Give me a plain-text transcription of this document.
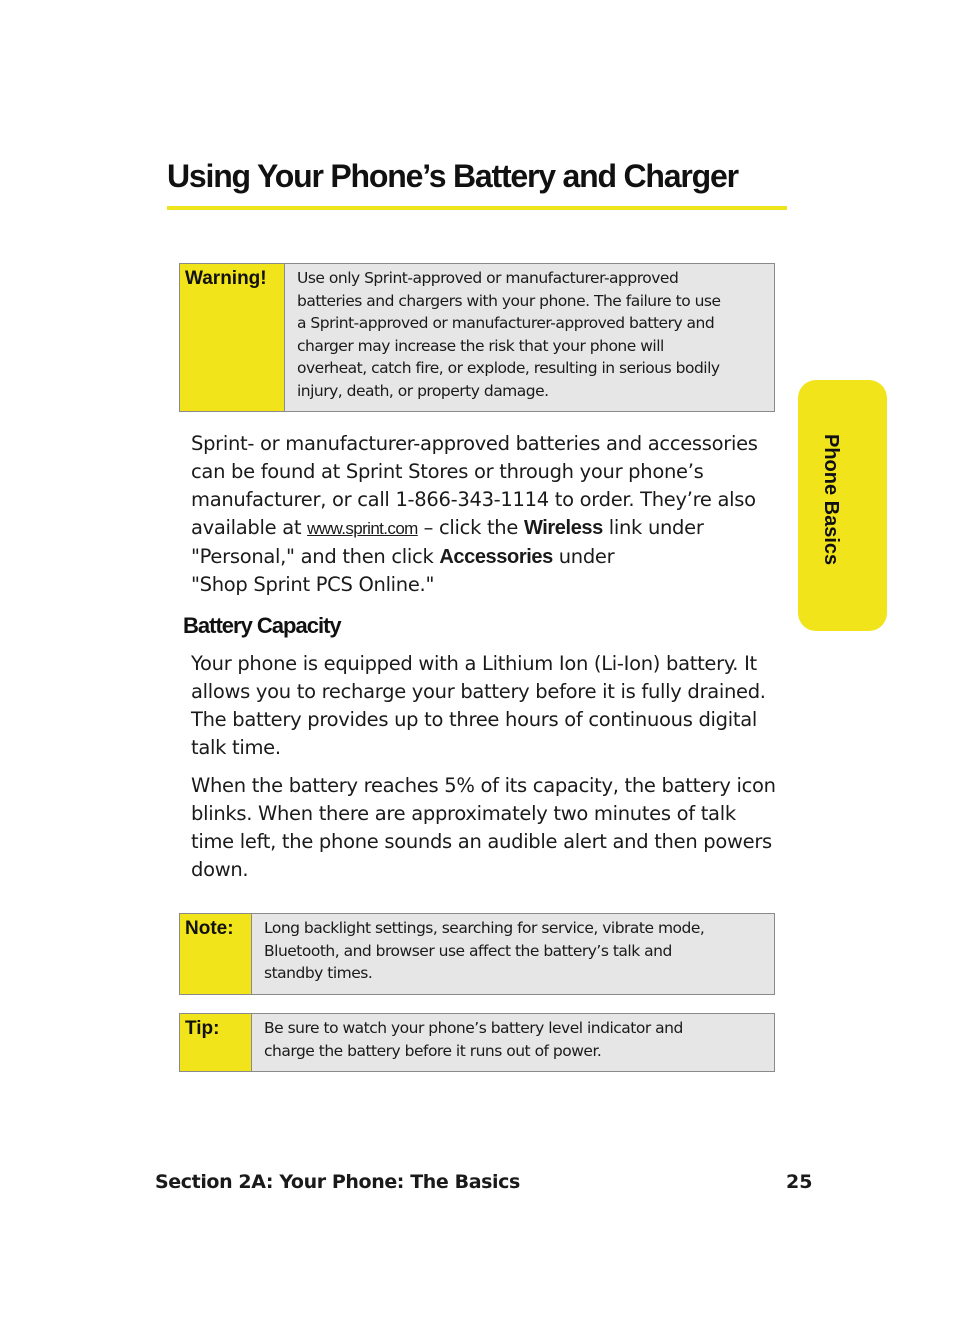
Using Your Phone’s Battery and Charger
Phone Basics
Warning!	Use only Sprint-approved or manufacturer-approved
batteries and chargers with your phone. The failure to use
a Sprint-approved or manufacturer-approved battery and
charger may increase the risk that your phone will
overheat, catch fire, or explode, resulting in serious bodily
injury, death, or property damage.
Sprint- or manufacturer-approved batteries and accessories
can be found at Sprint Stores or through your phone’s
manufacturer, or call 1-866-343-1114 to order. They’re also
available at www.sprint.com – click the Wireless link under
"Personal," and then click Accessories under
"Shop Sprint PCS Online."
Battery Capacity
Your phone is equipped with a Lithium Ion (Li-Ion) battery. It
allows you to recharge your battery before it is fully drained.
The battery provides up to three hours of continuous digital
talk time.
When the battery reaches 5% of its capacity, the battery icon
blinks. When there are approximately two minutes of talk
time left, the phone sounds an audible alert and then powers
down.
Note:	Long backlight settings, searching for service, vibrate mode,
Bluetooth, and browser use affect the battery’s talk and
standby times.
Tip:	Be sure to watch your phone’s battery level indicator and
charge the battery before it runs out of power.
Section 2A: Your Phone: The Basics	25
